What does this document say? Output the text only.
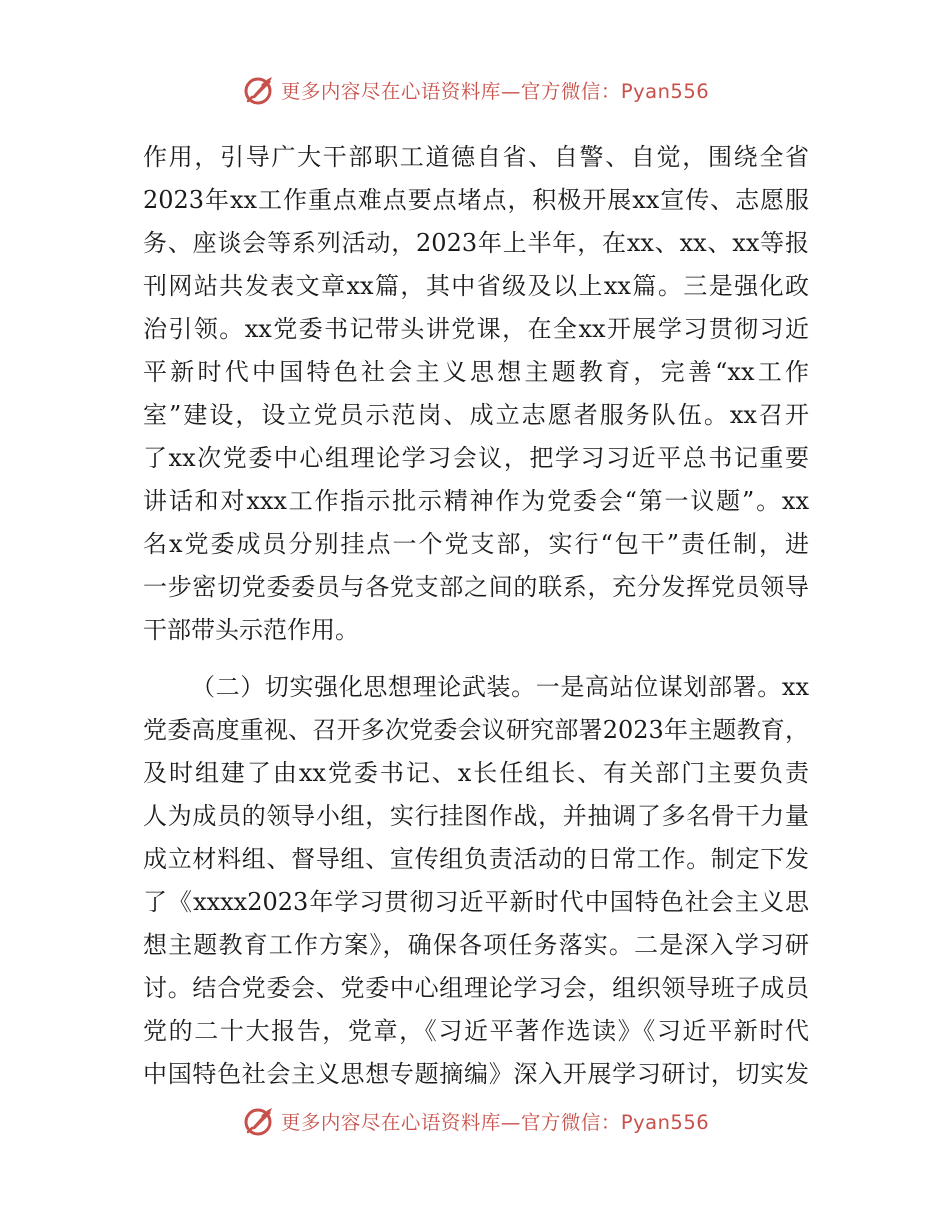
更多内容尽在心语资料库—官方微信：Pyan556

作用，引导广大干部职工道德自省、自警、自觉，围绕全省
2023年xx工作重点难点要点堵点，积极开展xx宣传、志愿服
务、座谈会等系列活动，2023年上半年，在xx、xx、xx等报
刊网站共发表文章xx篇，其中省级及以上xx篇。三是强化政
治引领。xx党委书记带头讲党课，在全xx开展学习贯彻习近
平新时代中国特色社会主义思想主题教育，完善“xx工作
室”建设，设立党员示范岗、成立志愿者服务队伍。xx召开
了xx次党委中心组理论学习会议，把学习习近平总书记重要
讲话和对xxx工作指示批示精神作为党委会“第一议题”。xx
名x党委成员分别挂点一个党支部，实行“包干”责任制，进
一步密切党委委员与各党支部之间的联系，充分发挥党员领导
干部带头示范作用。

（二）切实强化思想理论武装。一是高站位谋划部署。xx
党委高度重视、召开多次党委会议研究部署2023年主题教育，
及时组建了由xx党委书记、x长任组长、有关部门主要负责
人为成员的领导小组，实行挂图作战，并抽调了多名骨干力量
成立材料组、督导组、宣传组负责活动的日常工作。制定下发
了《xxxx2023年学习贯彻习近平新时代中国特色社会主义思
想主题教育工作方案》，确保各项任务落实。二是深入学习研
讨。结合党委会、党委中心组理论学习会，组织领导班子成员
党的二十大报告，党章，《习近平著作选读》《习近平新时代
中国特色社会主义思想专题摘编》深入开展学习研讨，切实发

更多内容尽在心语资料库—官方微信：Pyan556
